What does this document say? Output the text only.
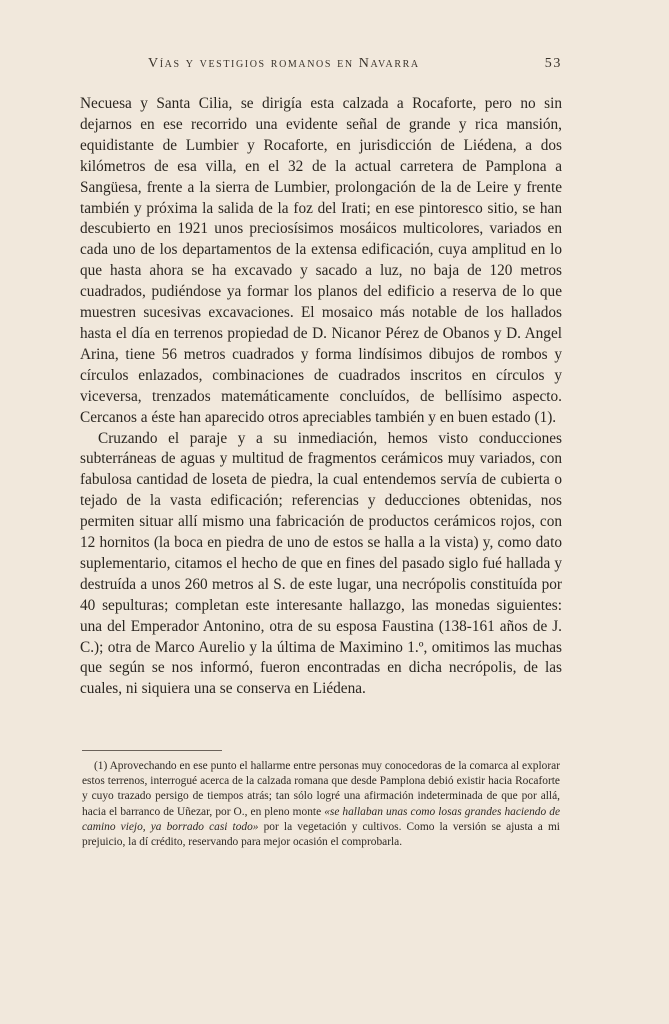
Vías y vestigios romanos en Navarra	53

Necuesa y Santa Cilia, se dirigía esta calzada a Rocaforte, pero no sin dejarnos en ese recorrido una evidente señal de grande y rica mansión, equidistante de Lumbier y Rocaforte, en jurisdicción de Liédena, a dos kilómetros de esa villa, en el 32 de la actual carretera de Pamplona a Sangüesa, frente a la sierra de Lumbier, prolongación de la de Leire y frente también y próxima la salida de la foz del Irati; en ese pintoresco sitio, se han descubierto en 1921 unos preciosísimos mosáicos multicolores, variados en cada uno de los departamentos de la extensa edificación, cuya amplitud en lo que hasta ahora se ha excavado y sacado a luz, no baja de 120 metros cuadrados, pudiéndose ya formar los planos del edificio a reserva de lo que muestren sucesivas excavaciones. El mosaico más notable de los hallados hasta el día en terrenos propiedad de D. Nicanor Pérez de Obanos y D. Angel Arina, tiene 56 metros cuadrados y forma lindísimos dibujos de rombos y círculos enlazados, combinaciones de cuadrados inscritos en círculos y viceversa, trenzados matemáticamente concluídos, de bellísimo aspecto. Cercanos a éste han aparecido otros apreciables también y en buen estado (1).

Cruzando el paraje y a su inmediación, hemos visto conducciones subterráneas de aguas y multitud de fragmentos cerámicos muy variados, con fabulosa cantidad de loseta de piedra, la cual entendemos servía de cubierta o tejado de la vasta edificación; referencias y deducciones obtenidas, nos permiten situar allí mismo una fabricación de productos cerámicos rojos, con 12 hornitos (la boca en piedra de uno de estos se halla a la vista) y, como dato suplementario, citamos el hecho de que en fines del pasado siglo fué hallada y destruída a unos 260 metros al S. de este lugar, una necrópolis constituída por 40 sepulturas; completan este interesante hallazgo, las monedas siguientes: una del Emperador Antonino, otra de su esposa Faustina (138-161 años de J. C.); otra de Marco Aurelio y la última de Maximino 1.º, omitimos las muchas que según se nos informó, fueron encontradas en dicha necrópolis, de las cuales, ni siquiera una se conserva en Liédena.

(1) Aprovechando en ese punto el hallarme entre personas muy conocedoras de la comarca al explorar estos terrenos, interrogué acerca de la calzada romana que desde Pamplona debió existir hacia Rocaforte y cuyo trazado persigo de tiempos atrás; tan sólo logré una afirmación indeterminada de que por allá, hacia el barranco de Uñezar, por O., en pleno monte «se hallaban unas como losas grandes haciendo de camino viejo, ya borrado casi todo» por la vegetación y cultivos. Como la versión se ajusta a mi prejuicio, la dí crédito, reservando para mejor ocasión el comprobarla.
